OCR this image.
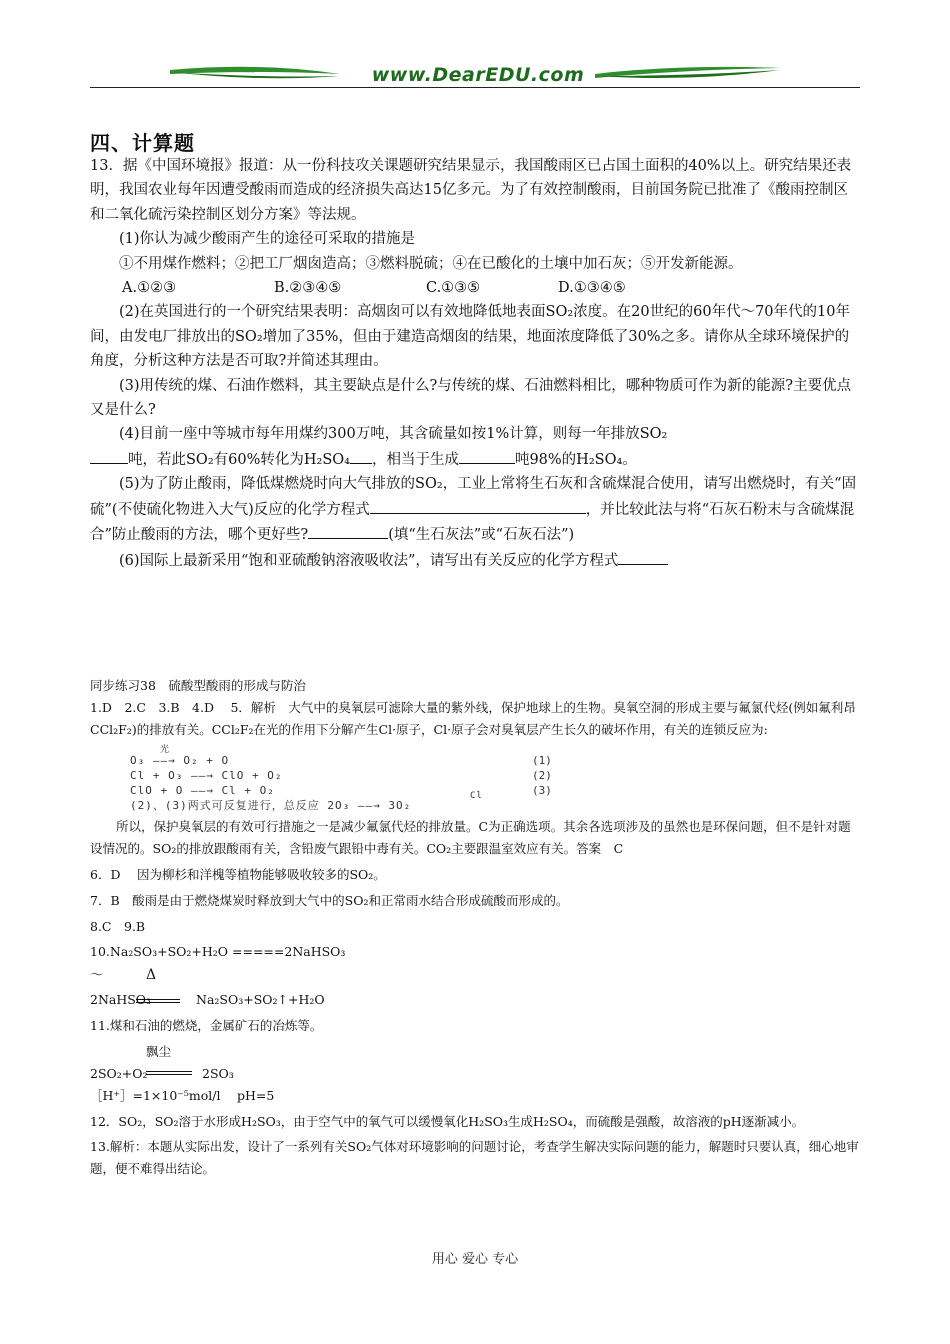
www.DearEDU.com
四、计算题

13．据《中国环境报》报道：从一份科技攻关课题研究结果显示，我国酸雨区已占国土面积的40%以上。研究结果还表明，我国农业每年因遭受酸雨而造成的经济损失高达15亿多元。为了有效控制酸雨，目前国务院已批准了《酸雨控制区和二氧化硫污染控制区划分方案》等法规。

(1)你认为减少酸雨产生的途径可采取的措施是

①不用煤作燃料；②把工厂烟囱造高；③燃料脱硫；④在已酸化的土壤中加石灰；⑤开发新能源。

A.①②③	B.②③④⑤	C.①③⑤	D.①③④⑤

(2)在英国进行的一个研究结果表明：高烟囱可以有效地降低地表面SO₂浓度。在20世纪的60年代～70年代的10年间，由发电厂排放出的SO₂增加了35%，但由于建造高烟囱的结果，地面浓度降低了30%之多。请你从全球环境保护的角度，分析这种方法是否可取?并简述其理由。

(3)用传统的煤、石油作燃料，其主要缺点是什么?与传统的煤、石油燃料相比，哪种物质可作为新的能源?主要优点又是什么?

(4)目前一座中等城市每年用煤约300万吨，其含硫量如按1%计算，则每一年排放SO₂

吨，若此SO₂有60%转化为H₂SO₄ ，相当于生成	吨98%的H₂SO₄。

(5)为了防止酸雨，降低煤燃烧时向大气排放的SO₂，工业上常将生石灰和含硫煤混合使用，请写出燃烧时，有关“固硫”(不使硫化物进入大气)反应的化学方程式	，并比较此法与将“石灰石粉末与含硫煤混合”防止酸雨的方法，哪个更好些?	(填“生石灰法”或“石灰石法”)

(6)国际上最新采用“饱和亚硫酸钠溶液吸收法”，请写出有关反应的化学方程式

同步练习38　硫酸型酸雨的形成与防治

1.D　2.C　3.B　4.D　 5．解析　大气中的臭氧层可滤除大量的紫外线，保护地球上的生物。臭氧空洞的形成主要与氟氯代烃(例如氟利昂CCl₂F₂)的排放有关。CCl₂F₂在光的作用下分解产生Cl·原子，Cl·原子会对臭氧层产生长久的破坏作用，有关的连锁反应为:

光
O₃ ——→ O₂ + O	(1)
Cl + O₃ ——→ ClO + O₂	(2)
ClO + O ——→ Cl + O₂	(3)
Cl
(2)、(3)两式可反复进行，总反应 2O₃ ——→ 3O₂

所以，保护臭氧层的有效可行措施之一是减少氟氯代烃的排放量。C为正确选项。其余各选项涉及的虽然也是环保问题，但不是针对题设情况的。SO₂的排放跟酸雨有关，含铅废气跟铅中毒有关。CO₂主要跟温室效应有关。答案　C

6．D　 因为柳杉和洋槐等植物能够吸收较多的SO₂。

7．B　酸雨是由于燃烧煤炭时释放到大气中的SO₂和正常雨水结合形成硫酸而形成的。

8.C　9.B

10.Na₂SO₃+SO₂+H₂O =====2NaHSO₃

〜	Δ
2NaHSO₃	Na₂SO₃+SO₂↑+H₂O

11.煤和石油的燃烧，金属矿石的冶炼等。

飘尘

2SO₂+O₂	2SO₃

［H⁺］=1×10⁻⁵mol/l　 pH=5

12．SO₂，SO₂溶于水形成H₂SO₃，由于空气中的氧气可以缓慢氧化H₂SO₃生成H₂SO₄，而硫酸是强酸，故溶液的pH逐渐减小。

13.解析：本题从实际出发，设计了一系列有关SO₂气体对环境影响的问题讨论，考查学生解决实际问题的能力，解题时只要认真，细心地审题，便不难得出结论。

用心 爱心 专心
